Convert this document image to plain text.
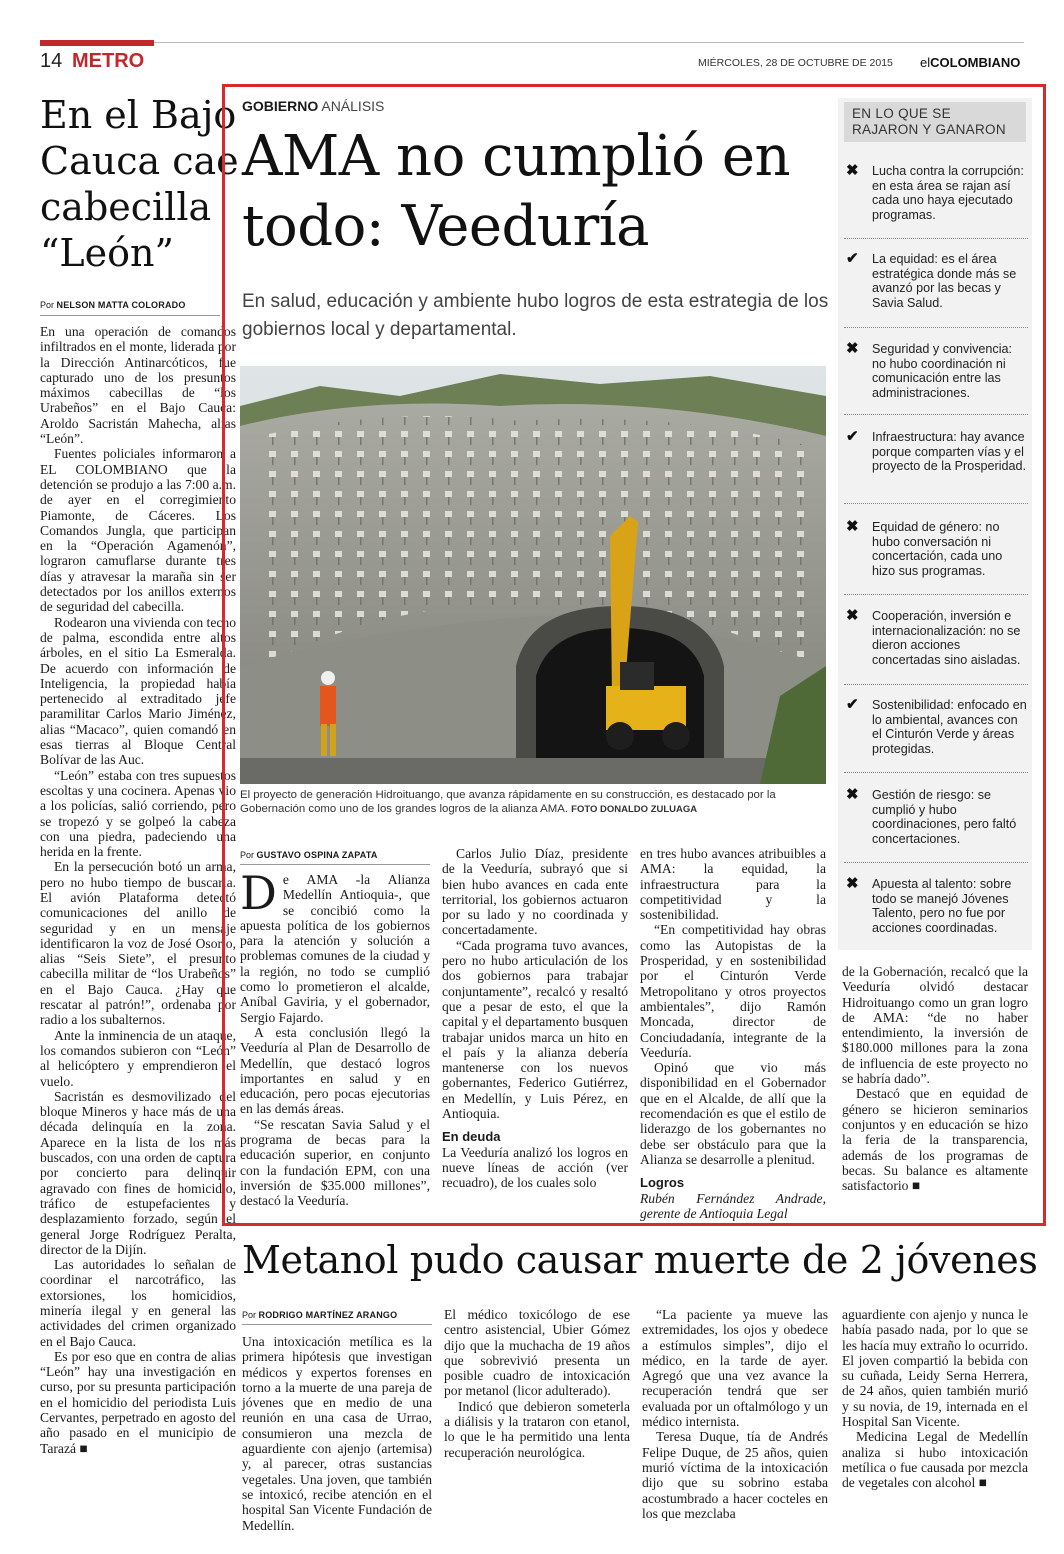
14 METRO	MIÉRCOLES, 28 DE OCTUBRE DE 2015 elCOLOMBIANO
En el Bajo Cauca cae cabecilla “León”
Por NELSON MATTA COLORADO

En una operación de comandos infiltrados en el monte, liderada por la Dirección Antinarcóticos, fue capturado uno de los presuntos máximos cabecillas de “los Urabeños” en el Bajo Cauca: Aroldo Sacristán Mahecha, alias “León”.

Fuentes policiales informaron a EL COLOMBIANO que la detención se produjo a las 7:00 a.m. de ayer en el corregimiento Piamonte, de Cáceres. Los Comandos Jungla, que participan en la “Operación Agamenón”, lograron camuflarse durante tres días y atravesar la maraña sin ser detectados por los anillos externos de seguridad del cabecilla.

Rodearon una vivienda con techo de palma, escondida entre altos árboles, en el sitio La Esmeralda. De acuerdo con información de Inteligencia, la propiedad había pertenecido al extraditado jefe paramilitar Carlos Mario Jiménez, alias “Macaco”, quien comandó en esas tierras al Bloque Central Bolívar de las Auc.

“León” estaba con tres supuestos escoltas y una cocinera. Apenas vio a los policías, salió corriendo, pero se tropezó y se golpeó la cabeza con una piedra, padeciendo una herida en la frente.

En la persecución botó un arma, pero no hubo tiempo de buscarla. El avión Plataforma detectó comunicaciones del anillo de seguridad y en un mensaje identificaron la voz de José Osorio, alias “Seis Siete”, el presunto cabecilla militar de “los Urabeños” en el Bajo Cauca. ¿Hay que rescatar al patrón!”, ordenaba por radio a los subalternos.

Ante la inminencia de un ataque, los comandos subieron con “León” al helicóptero y emprendieron el vuelo.

Sacristán es desmovilizado del bloque Mineros y hace más de una década delinquía en la zona. Aparece en la lista de los más buscados, con una orden de captura por concierto para delinquir agravado con fines de homicidio, tráfico de estupefacientes y desplazamiento forzado, según el general Jorge Rodríguez Peralta, director de la Dijín.

Las autoridades lo señalan de coordinar el narcotráfico, las extorsiones, los homicidios, minería ilegal y en general las actividades del crimen organizado en el Bajo Cauca.

Es por eso que en contra de alias “León” hay una investigación en curso, por su presunta participación en el homicidio del periodista Luis Cervantes, perpetrado en agosto del año pasado en el municipio de Tarazá ■

GOBIERNO ANÁLISIS
AMA no cumplió en todo: Veeduría
En salud, educación y ambiente hubo logros de esta estrategia de los gobiernos local y departamental.
El proyecto de generación Hidroituango, que avanza rápidamente en su construcción, es destacado por la Gobernación como uno de los grandes logros de la alianza AMA. FOTO DONALDO ZULUAGA
Por GUSTAVO OSPINA ZAPATA

De AMA -la Alianza Medellín Antioquia-, que se concibió como la apuesta política de los gobiernos para la atención y solución a problemas comunes de la ciudad y la región, no todo se cumplió como lo prometieron el alcalde, Aníbal Gaviria, y el gobernador, Sergio Fajardo.

A esta conclusión llegó la Veeduría al Plan de Desarrollo de Medellín, que destacó logros importantes en salud y en educación, pero pocas ejecutorias en las demás áreas.

“Se rescatan Savia Salud y el programa de becas para la educación superior, en conjunto con la fundación EPM, con una inversión de $35.000 millones”, destacó la Veeduría.

Carlos Julio Díaz, presidente de la Veeduría, subrayó que si bien hubo avances en cada ente territorial, los gobiernos actuaron por su lado y no coordinada y concertadamente.

“Cada programa tuvo avances, pero no hubo articulación de los dos gobiernos para trabajar conjuntamente”, recalcó y resaltó que a pesar de esto, el que la capital y el departamento busquen trabajar unidos marca un hito en el país y la alianza debería mantenerse con los nuevos gobernantes, Federico Gutiérrez, en Medellín, y Luis Pérez, en Antioquia.

En deuda

La Veeduría analizó los logros en nueve líneas de acción (ver recuadro), de los cuales solo

en tres hubo avances atribuibles a AMA: la equidad, la infraestructura para la competitividad y la sostenibilidad.

“En competitividad hay obras como las Autopistas de la Prosperidad, y en sostenibilidad por el Cinturón Verde Metropolitano y otros proyectos ambientales”, dijo Ramón Moncada, director de Conciudadanía, integrante de la Veeduría.

Opinó que vio más disponibilidad en el Gobernador que en el Alcalde, de allí que la recomendación es que el estilo de liderazgo de los gobernantes no debe ser obstáculo para que la Alianza se desarrolle a plenitud.

Logros

Rubén Fernández Andrade, gerente de Antioquia Legal

de la Gobernación, recalcó que la Veeduría olvidó destacar Hidroituango como un gran logro de AMA: “de no haber entendimiento, la inversión de $180.000 millones para la zona de influencia de este proyecto no se habría dado”.

Destacó que en equidad de género se hicieron seminarios conjuntos y en educación se hizo la feria de la transparencia, además de los programas de becas. Su balance es altamente satisfactorio ■

EN LO QUE SE RAJARON Y GANARON
✖	Lucha contra la corrupción: en esta área se rajan así cada uno haya ejecutado programas.
✔	La equidad: es el área estratégica donde más se avanzó por las becas y Savia Salud.
✖	Seguridad y convivencia: no hubo coordinación ni comunicación entre las administraciones.
✔	Infraestructura: hay avance porque comparten vías y el proyecto de la Prosperidad.
✖	Equidad de género: no hubo conversación ni concertación, cada uno hizo sus programas.
✖	Cooperación, inversión e internacionalización: no se dieron acciones concertadas sino aisladas.
✔	Sostenibilidad: enfocado en lo ambiental, avances con el Cinturón Verde y áreas protegidas.
✖	Gestión de riesgo: se cumplió y hubo coordinaciones, pero faltó concertaciones.
✖	Apuesta al talento: sobre todo se manejó Jóvenes Talento, pero no fue por acciones coordinadas.
Metanol pudo causar muerte de 2 jóvenes
Por RODRIGO MARTÍNEZ ARANGO

Una intoxicación metílica es la primera hipótesis que investigan médicos y expertos forenses en torno a la muerte de una pareja de jóvenes que en medio de una reunión en una casa de Urrao, consumieron una mezcla de aguardiente con ajenjo (artemisa) y, al parecer, otras sustancias vegetales. Una joven, que también se intoxicó, recibe atención en el hospital San Vicente Fundación de Medellín.

El médico toxicólogo de ese centro asistencial, Ubier Gómez dijo que la muchacha de 19 años que sobrevivió presenta un posible cuadro de intoxicación por metanol (licor adulterado).

Indicó que debieron someterla a diálisis y la trataron con etanol, lo que le ha permitido una lenta recuperación neurológica.

“La paciente ya mueve las extremidades, los ojos y obedece a estímulos simples”, dijo el médico, en la tarde de ayer. Agregó que una vez avance la recuperación tendrá que ser evaluada por un oftalmólogo y un médico internista.

Teresa Duque, tía de Andrés Felipe Duque, de 25 años, quien murió víctima de la intoxicación dijo que su sobrino estaba acostumbrado a hacer cocteles en los que mezclaba

aguardiente con ajenjo y nunca le había pasado nada, por lo que se les hacía muy extraño lo ocurrido. El joven compartió la bebida con su cuñada, Leidy Serna Herrera, de 24 años, quien también murió y su novia, de 19, internada en el Hospital San Vicente.

Medicina Legal de Medellín analiza si hubo intoxicación metílica o fue causada por mezcla de vegetales con alcohol ■
